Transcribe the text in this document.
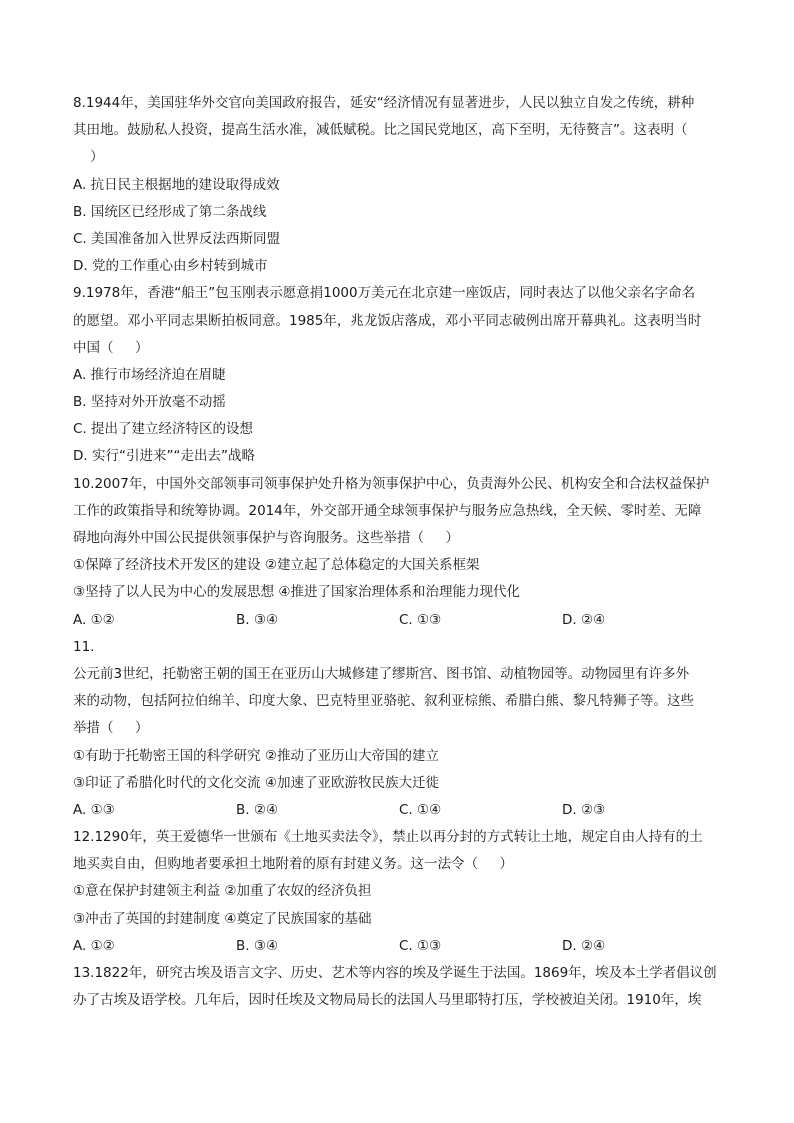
8.1944年，美国驻华外交官向美国政府报告，延安“经济情况有显著进步，人民以独立自发之传统，耕种
其田地。鼓励私人投资，提高生活水准，减低赋税。比之国民党地区，高下至明，无待赘言”。这表明（
）
A. 抗日民主根据地的建设取得成效
B. 国统区已经形成了第二条战线
C. 美国准备加入世界反法西斯同盟
D. 党的工作重心由乡村转到城市
9.1978年，香港“船王”包玉刚表示愿意捐1000万美元在北京建一座饭店，同时表达了以他父亲名字命名
的愿望。邓小平同志果断拍板同意。1985年，兆龙饭店落成，邓小平同志破例出席开幕典礼。这表明当时
中国（     ）
A. 推行市场经济迫在眉睫
B. 坚持对外开放毫不动摇
C. 提出了建立经济特区的设想
D. 实行“引进来”“走出去”战略
10.2007年，中国外交部领事司领事保护处升格为领事保护中心，负责海外公民、机构安全和合法权益保护
工作的政策指导和统筹协调。2014年，外交部开通全球领事保护与服务应急热线，全天候、零时差、无障
碍地向海外中国公民提供领事保护与咨询服务。这些举措（     ）
①保障了经济技术开发区的建设 ②建立起了总体稳定的大国关系框架
③坚持了以人民为中心的发展思想 ④推进了国家治理体系和治理能力现代化
A. ①②	B. ③④	C. ①③	D. ②④
11.
公元前3世纪，托勒密王朝的国王在亚历山大城修建了缪斯宫、图书馆、动植物园等。动物园里有许多外
来的动物，包括阿拉伯绵羊、印度大象、巴克特里亚骆驼、叙利亚棕熊、希腊白熊、黎凡特狮子等。这些
举措（     ）
①有助于托勒密王国的科学研究 ②推动了亚历山大帝国的建立
③印证了希腊化时代的文化交流 ④加速了亚欧游牧民族大迁徙
A. ①③	B. ②④	C. ①④	D. ②③
12.1290年，英王爱德华一世颁布《土地买卖法令》，禁止以再分封的方式转让土地，规定自由人持有的土
地买卖自由，但购地者要承担土地附着的原有封建义务。这一法令（     ）
①意在保护封建领主利益 ②加重了农奴的经济负担
③冲击了英国的封建制度 ④奠定了民族国家的基础
A. ①②	B. ③④	C. ①③	D. ②④
13.1822年，研究古埃及语言文字、历史、艺术等内容的埃及学诞生于法国。1869年，埃及本土学者倡议创
办了古埃及语学校。几年后，因时任埃及文物局局长的法国人马里耶特打压，学校被迫关闭。1910年，埃
